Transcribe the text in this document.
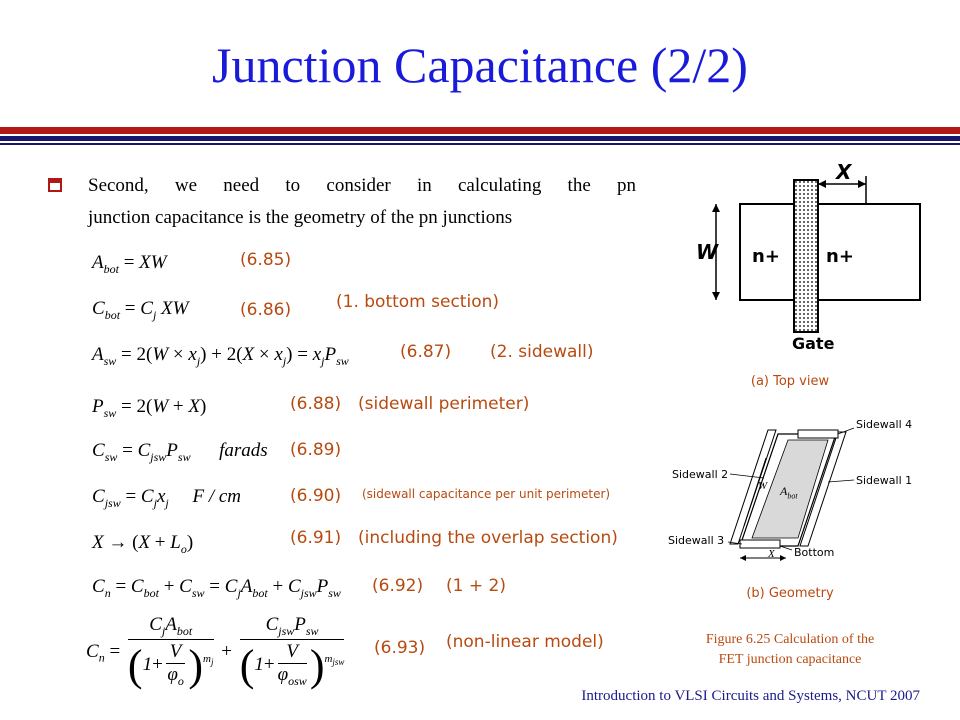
Junction Capacitance (2/2)
Second, we need to consider in calculating the pn
junction capacitance is the geometry of the pn junctions
$A_{bot}$ = XW	(6.85)
$C_{bot} = C_j$ XW	(6.86)	(1. bottom section)
$A_{sw} = 2(W \times x_j) + 2(X \times x_j) = x_jP_{sw}$	(6.87) (2. sidewall)
$P_{sw} = 2(W + X)$	(6.88) (sidewall perimeter)
$C_{sw} = C_{jsw}P_{sw}$      farads (6.89)
$C_{jsw} = C_jx_j$     F / cm	(6.90) (sidewall capacitance per unit perimeter)
$X \to (X + L_o)$	(6.91) (including the overlap section)
$C_n = C_{bot} + C_{sw} = C_jA_{bot} + C_{jsw}P_{sw}$ (6.92) (1 + 2)
$C_n = \frac{C_jA_{bot}}{(1+ \frac{V}{\varphi_o} )^{m_j}} + \frac{C_{jsw}P_{sw}}{(1+ \frac{V}{\varphi_{osw}} )^{m_{jsw}}} (6.93)$ (non-linear model)
X
W n+	n+
Gate
(a) Top view
Sidewall 4
Sidewall 2	Sidewall 1
Sidewall 3
Bottom
W
X
$A_{bot}$
(b) Geometry
Figure 6.25 Calculation of the
FET junction capacitance
Introduction to VLSI Circuits and Systems, NCUT 2007
